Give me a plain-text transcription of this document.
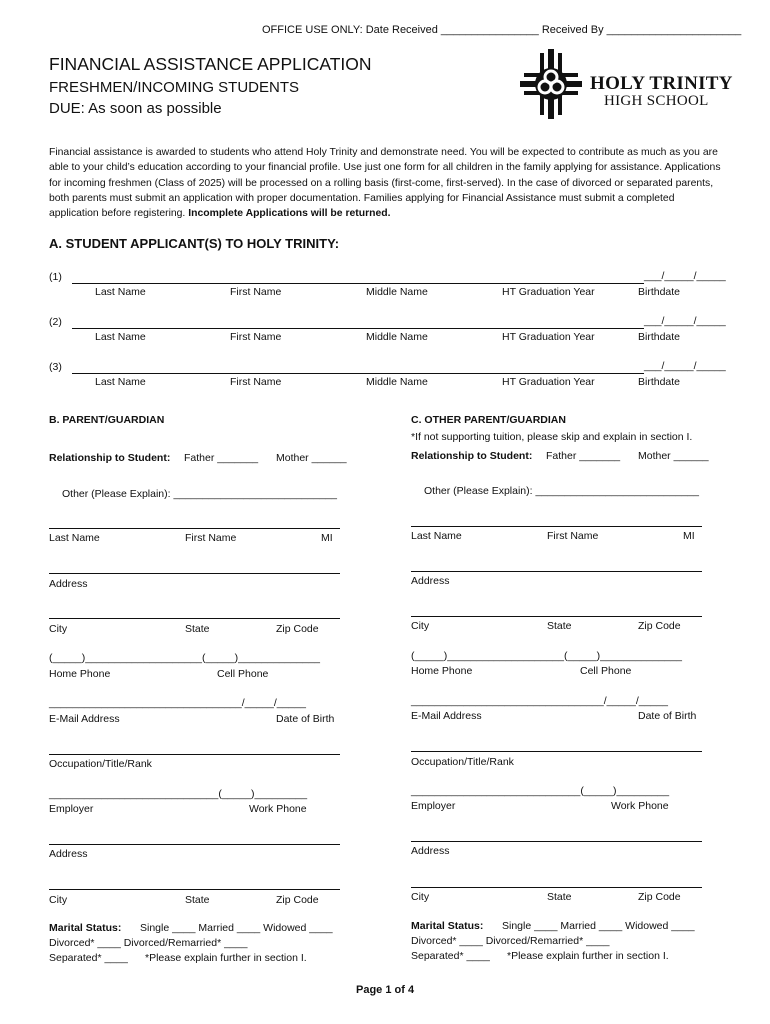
OFFICE USE ONLY: Date Received ________________ Received By ______________________
FINANCIAL ASSISTANCE APPLICATION
FRESHMEN/INCOMING STUDENTS
DUE: As soon as possible
HOLY TRINITY
HIGH SCHOOL
Financial assistance is awarded to students who attend Holy Trinity and demonstrate need. You will be expected to contribute as much as you are able to your child’s education according to your financial profile. Use just one form for all children in the family applying for assistance. Applications for incoming freshmen (Class of 2025) will be processed on a rolling basis (first-come, first-served). In the case of divorced or separated parents, both parents must submit an application with proper documentation. Families applying for Financial Assistance must submit a completed application before registering. Incomplete Applications will be returned.
A. STUDENT APPLICANT(S) TO HOLY TRINITY:
(1)	___/_____/_____
Last Name	First Name	Middle Name	HT Graduation Year	Birthdate
(2)	___/_____/_____
Last Name	First Name	Middle Name	HT Graduation Year	Birthdate
(3)	___/_____/_____
Last Name	First Name	Middle Name	HT Graduation Year	Birthdate
B. PARENT/GUARDIAN
Relationship to Student: Father _______ Mother ______
Other (Please Explain): ____________________________
Last Name	First Name	MI
Address
City	State	Zip Code
(_____)____________________(_____)______________
Home Phone	Cell Phone
_________________________________/_____/_____
E-Mail Address	Date of Birth
Occupation/Title/Rank
_____________________________(_____)_________
Employer	Work Phone
Address
City	State	Zip Code
Marital Status: Single ____ Married ____ Widowed ____
Divorced* ____ Divorced/Remarried* ____
Separated* ____ *Please explain further in section I.
C. OTHER PARENT/GUARDIAN
*If not supporting tuition, please skip and explain in section I.
Relationship to Student: Father _______ Mother ______
Other (Please Explain): ____________________________
Last Name	First Name	MI
Address
City	State	Zip Code
(_____)____________________(_____)______________
Home Phone	Cell Phone
_________________________________/_____/_____
E-Mail Address	Date of Birth
Occupation/Title/Rank
_____________________________(_____)_________
Employer	Work Phone
Address
City	State	Zip Code
Marital Status: Single ____ Married ____ Widowed ____
Divorced* ____ Divorced/Remarried* ____
Separated* ____ *Please explain further in section I.
Page 1 of 4
